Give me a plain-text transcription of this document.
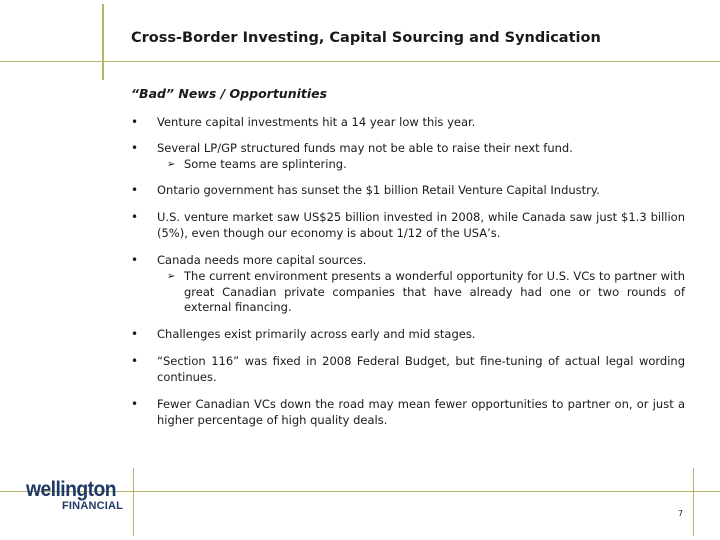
Cross-Border Investing, Capital Sourcing and Syndication
“Bad” News / Opportunities
•	Venture capital investments hit a 14 year low this year.
•	Several LP/GP structured funds may not be able to raise their next fund.
➢ Some teams are splintering.
•	Ontario government has sunset the $1 billion Retail Venture Capital Industry.
•	U.S. venture market saw US$25 billion invested in 2008, while Canada saw just $1.3 billion (5%), even though our economy is about 1/12 of the USA’s.
•	Canada needs more capital sources.
➢ The current environment presents a wonderful opportunity for U.S. VCs to partner with great Canadian private companies that have already had one or two rounds of external financing.
•	Challenges exist primarily across early and mid stages.
•	“Section 116” was fixed in 2008 Federal Budget, but fine-tuning of actual legal wording continues.
•	Fewer Canadian VCs down the road may mean fewer opportunities to partner on, or just a higher percentage of high quality deals.
wellington
FINANCIAL
7
